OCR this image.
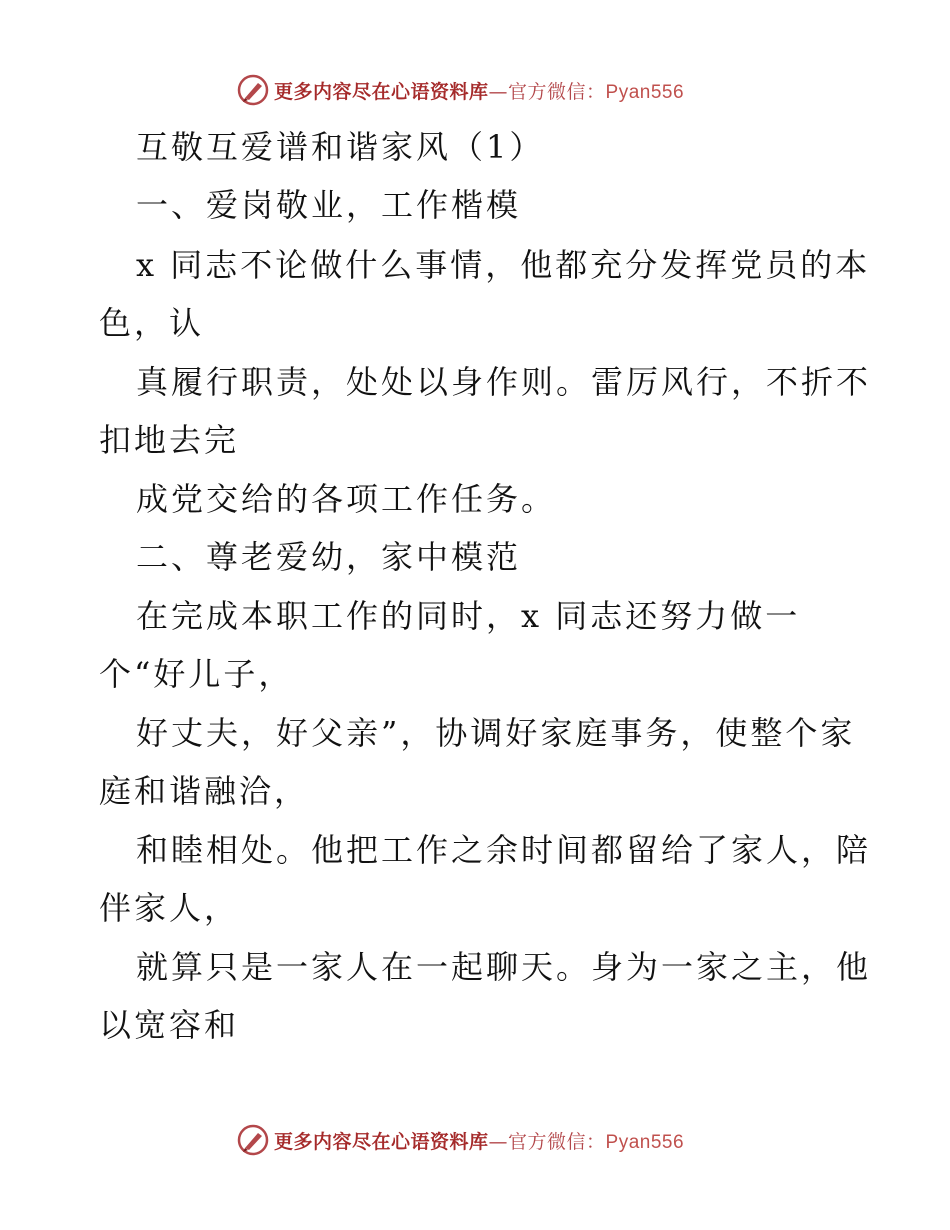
更多内容尽在心语资料库—官方微信：Pyan556
互敬互爱谱和谐家风（1）
一、爱岗敬业，工作楷模
x 同志不论做什么事情，他都充分发挥党员的本
色，认
真履行职责，处处以身作则。雷厉风行，不折不
扣地去完
成党交给的各项工作任务。
二、尊老爱幼，家中模范
在完成本职工作的同时，x 同志还努力做一
个“好儿子，
好丈夫，好父亲”，协调好家庭事务，使整个家
庭和谐融洽，
和睦相处。他把工作之余时间都留给了家人，陪
伴家人，
就算只是一家人在一起聊天。身为一家之主，他
以宽容和
更多内容尽在心语资料库—官方微信：Pyan556
